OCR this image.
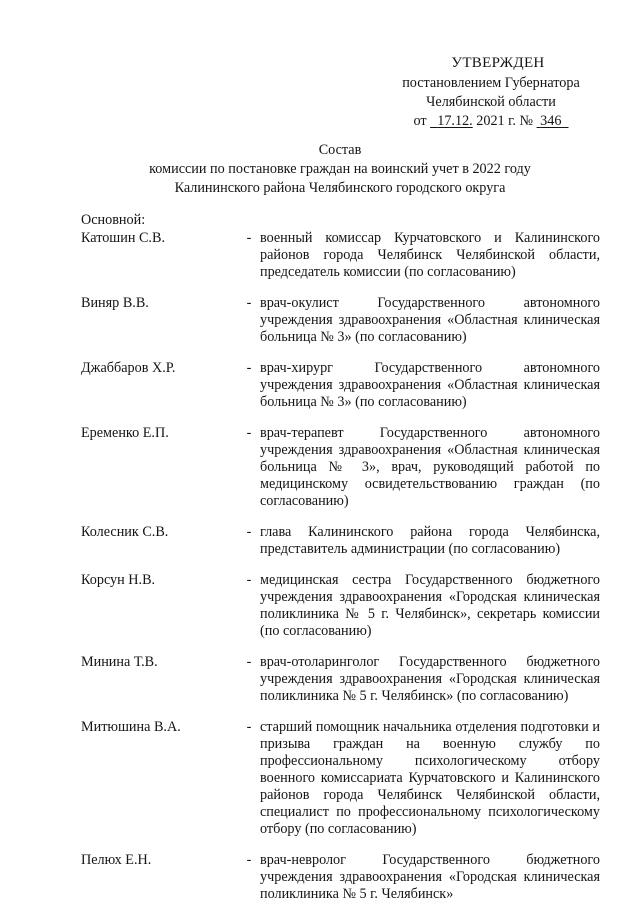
УТВЕРЖДЕН
постановлением Губернатора
Челябинской области
от 17.12. 2021 г. № 346
Состав
комиссии по постановке граждан на воинский учет в 2022 году
Калининского района Челябинского городского округа
Основной:
Катошин С.В.	- военный комиссар Курчатовского и Калининского районов города Челябинск Челябинской области, председатель комиссии (по согласованию)
Виняр В.В.	- врач-окулист Государственного автономного учреждения здравоохранения «Областная клиническая больница № 3» (по согласованию)
Джаббаров Х.Р.	- врач-хирург Государственного автономного учреждения здравоохранения «Областная клиническая больница № 3» (по согласованию)
Еременко Е.П.	- врач-терапевт Государственного автономного учреждения здравоохранения «Областная клиническая больница № 3», врач, руководящий работой по медицинскому освидетельствованию граждан (по согласованию)
Колесник С.В.	- глава Калининского района города Челябинска, представитель администрации (по согласованию)
Корсун Н.В.	- медицинская сестра Государственного бюджетного учреждения здравоохранения «Городская клиническая поликлиника № 5 г. Челябинск», секретарь комиссии (по согласованию)
Минина Т.В.	- врач-отоларинголог Государственного бюджетного учреждения здравоохранения «Городская клиническая поликлиника № 5 г. Челябинск» (по согласованию)
Митюшина В.А.	- старший помощник начальника отделения подготовки и призыва граждан на военную службу по профессиональному психологическому отбору военного комиссариата Курчатовского и Калининского районов города Челябинск Челябинской области, специалист по профессиональному психологическому отбору (по согласованию)
Пелюх Е.Н.	- врач-невролог Государственного бюджетного учреждения здравоохранения «Городская клиническая поликлиника № 5 г. Челябинск»
